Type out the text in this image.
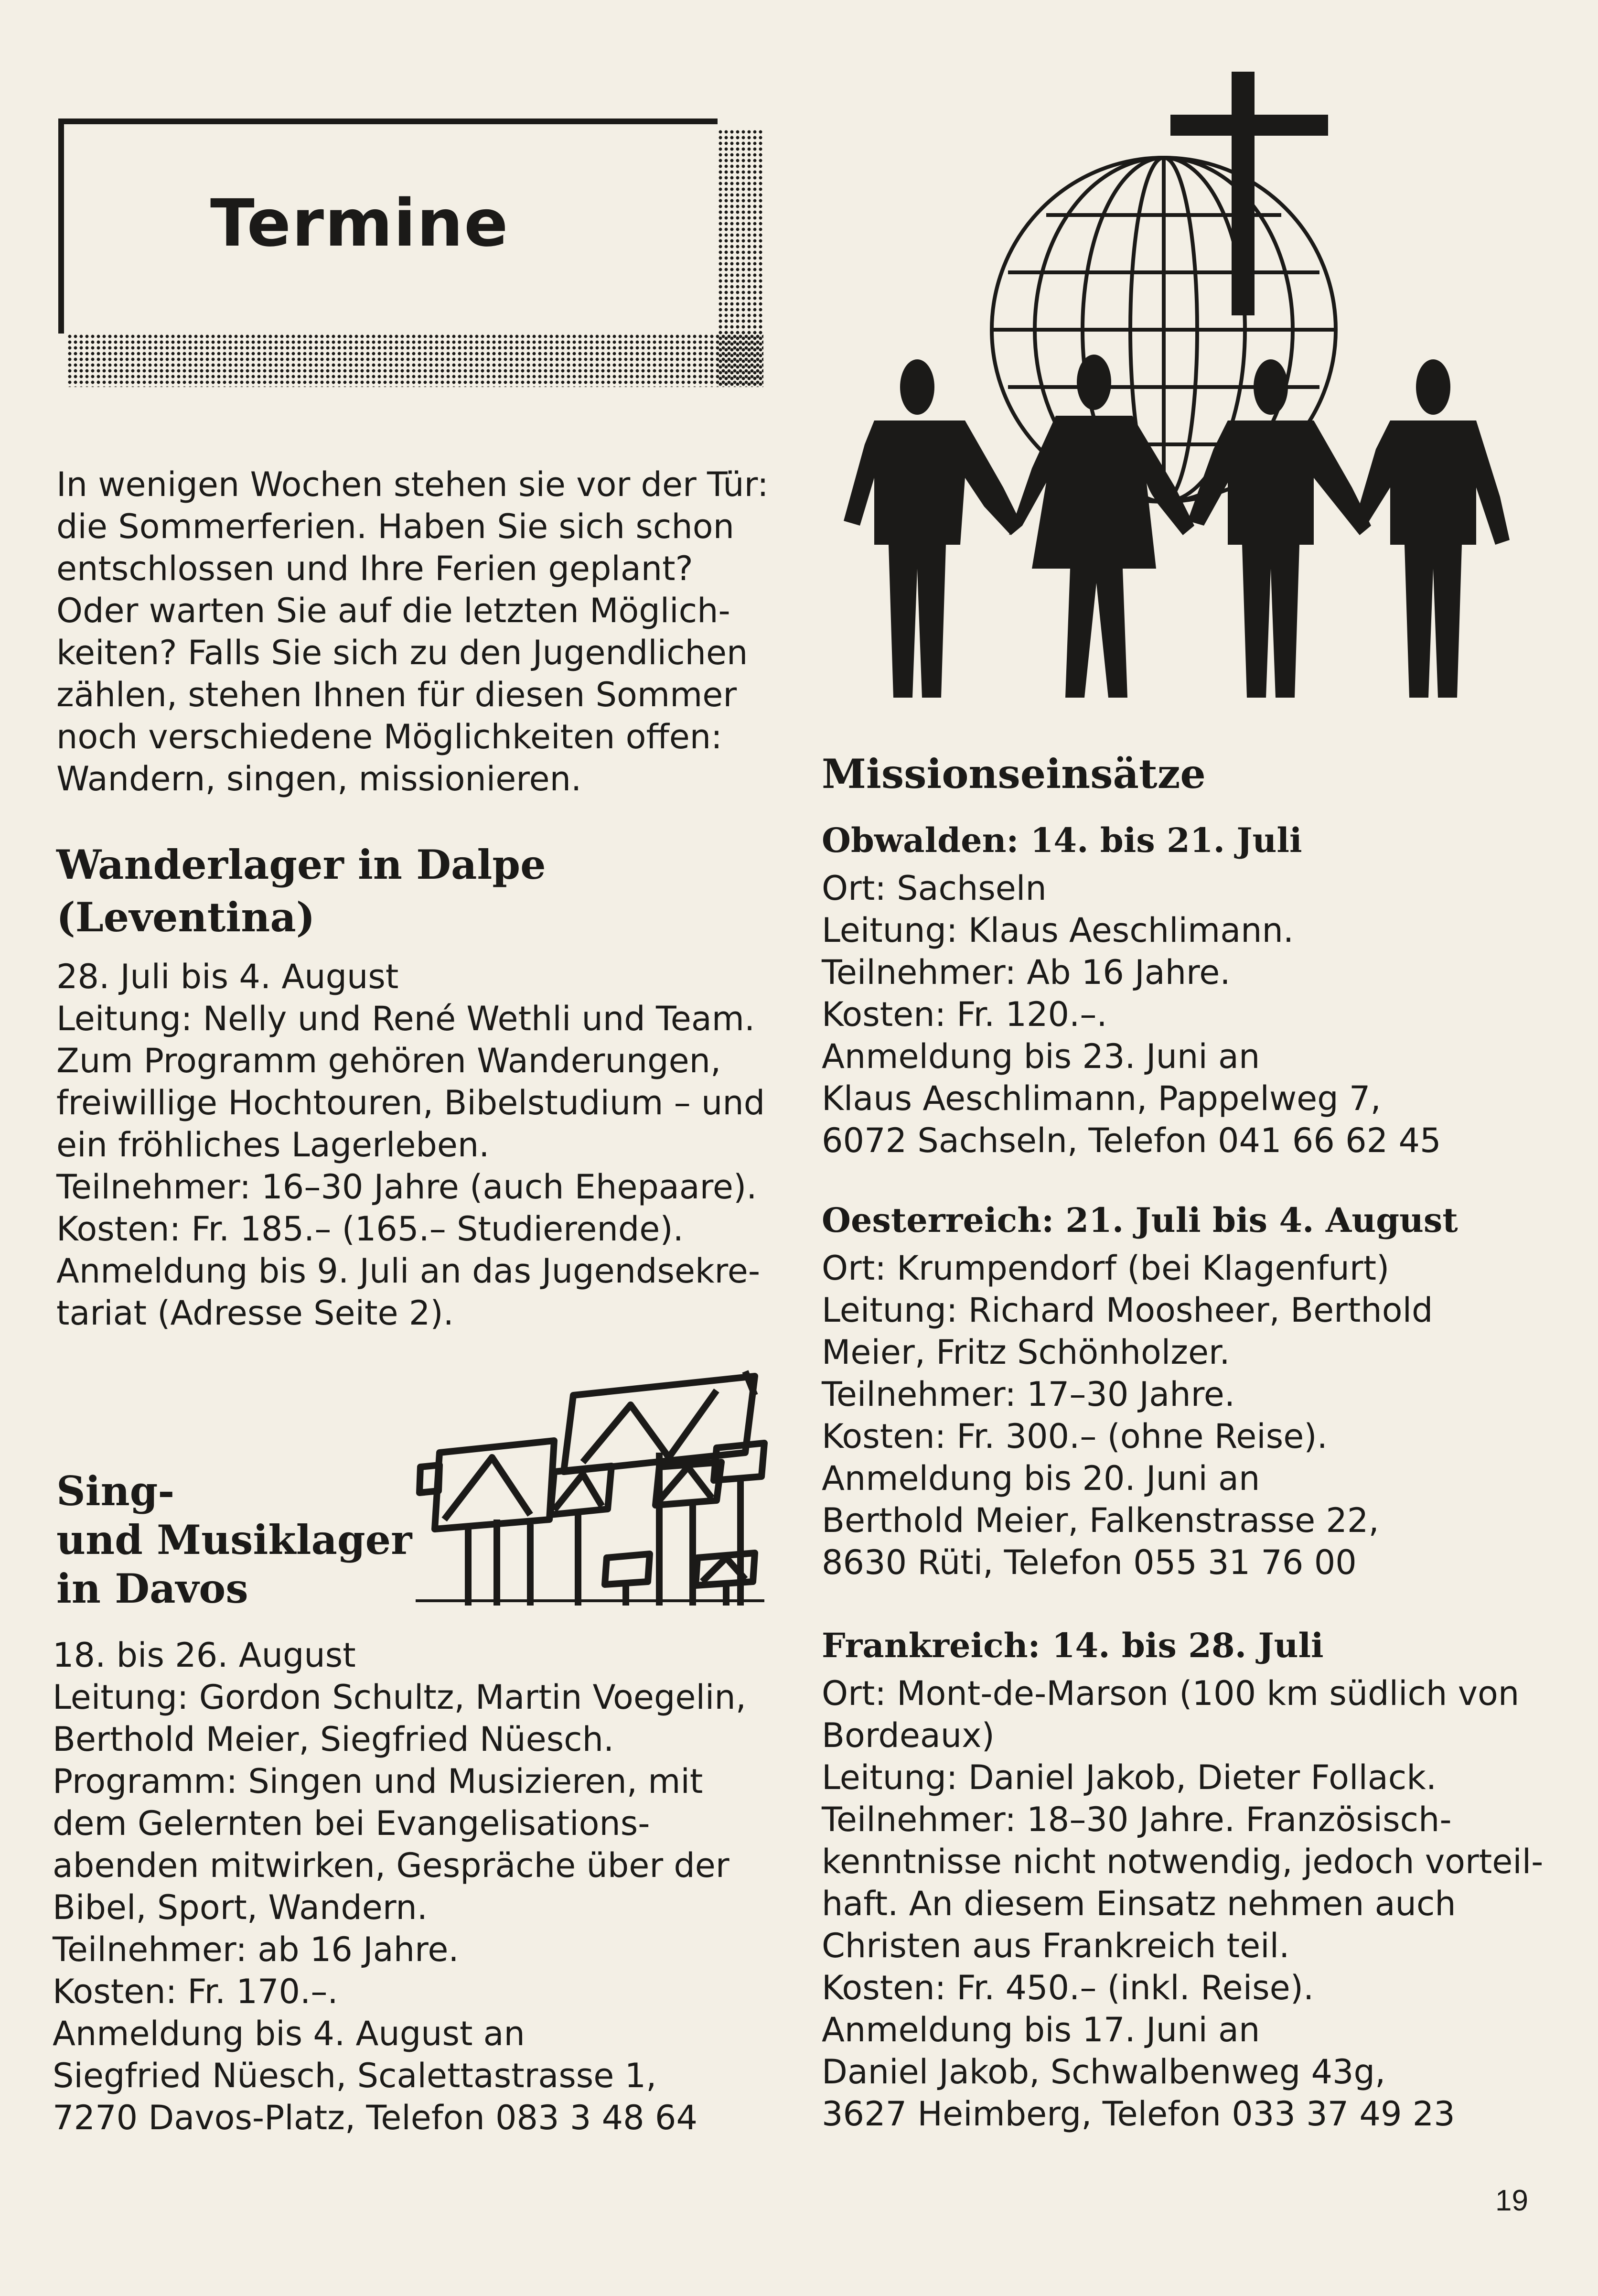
Termine

In wenigen Wochen stehen sie vor der Tür:
die Sommerferien. Haben Sie sich schon
entschlossen und Ihre Ferien geplant?
Oder warten Sie auf die letzten Möglich-
keiten? Falls Sie sich zu den Jugendlichen
zählen, stehen Ihnen für diesen Sommer
noch verschiedene Möglichkeiten offen:
Wandern, singen, missionieren.

Wanderlager in Dalpe
(Leventina)

28. Juli bis 4. August
Leitung: Nelly und René Wethli und Team.
Zum Programm gehören Wanderungen,
freiwillige Hochtouren, Bibelstudium – und
ein fröhliches Lagerleben.
Teilnehmer: 16–30 Jahre (auch Ehepaare).
Kosten: Fr. 185.– (165.– Studierende).
Anmeldung bis 9. Juli an das Jugendsekre-
tariat (Adresse Seite 2).

Sing-
und Musiklager
in Davos

18. bis 26. August
Leitung: Gordon Schultz, Martin Voegelin,
Berthold Meier, Siegfried Nüesch.
Programm: Singen und Musizieren, mit
dem Gelernten bei Evangelisations-
abenden mitwirken, Gespräche über der
Bibel, Sport, Wandern.
Teilnehmer: ab 16 Jahre.
Kosten: Fr. 170.–.
Anmeldung bis 4. August an
Siegfried Nüesch, Scalettastrasse 1,
7270 Davos-Platz, Telefon 083 3 48 64

Missionseinsätze
Obwalden: 14. bis 21. Juli

Ort: Sachseln
Leitung: Klaus Aeschlimann.
Teilnehmer: Ab 16 Jahre.
Kosten: Fr. 120.–.
Anmeldung bis 23. Juni an
Klaus Aeschlimann, Pappelweg 7,
6072 Sachseln, Telefon 041 66 62 45

Oesterreich: 21. Juli bis 4. August

Ort: Krumpendorf (bei Klagenfurt)
Leitung: Richard Moosheer, Berthold
Meier, Fritz Schönholzer.
Teilnehmer: 17–30 Jahre.
Kosten: Fr. 300.– (ohne Reise).
Anmeldung bis 20. Juni an
Berthold Meier, Falkenstrasse 22,
8630 Rüti, Telefon 055 31 76 00

Frankreich: 14. bis 28. Juli

Ort: Mont-de-Marson (100 km südlich von
Bordeaux)
Leitung: Daniel Jakob, Dieter Follack.
Teilnehmer: 18–30 Jahre. Französisch-
kenntnisse nicht notwendig, jedoch vorteil-
haft. An diesem Einsatz nehmen auch
Christen aus Frankreich teil.
Kosten: Fr. 450.– (inkl. Reise).
Anmeldung bis 17. Juni an
Daniel Jakob, Schwalbenweg 43g,
3627 Heimberg, Telefon 033 37 49 23

19
